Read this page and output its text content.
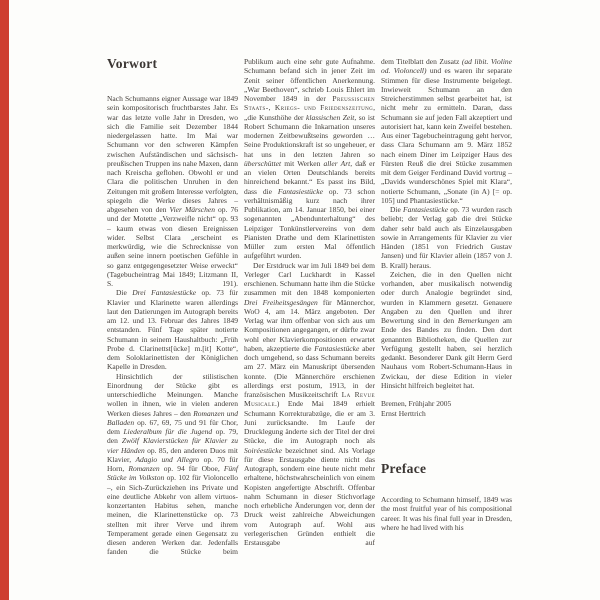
Vorwort

Nach Schumanns eigner Aussage war 1849 sein kompositorisch fruchtbarstes Jahr. Es war das letzte volle Jahr in Dresden, wo sich die Familie seit Dezember 1844 niedergelassen hatte. Im Mai war Schumann vor den schweren Kämpfen zwischen Aufständischen und sächsisch-preußischen Truppen ins nahe Maxen, dann nach Kreischa geflohen. Obwohl er und Clara die politischen Unruhen in den Zeitungen mit großem Interesse verfolgten, spiegeln die Werke dieses Jahres – abgesehen von den Vier Märschen op. 76 und der Motette „Verzweifle nicht“ op. 93 – kaum etwas von diesen Ereignissen wider. Selbst Clara „erscheint es merkwürdig, wie die Schrecknisse von außen seine innern poetischen Gefühle in so ganz entgegengesetzter Weise erweckt“ (Tagebucheintrag Mai 1849; Litzmann II, S. 191).

Die Drei Fantasiestücke op. 73 für Klavier und Klarinette waren allerdings laut den Datierungen im Autograph bereits am 12. und 13. Februar des Jahres 1849 entstanden. Fünf Tage später notierte Schumann in seinem Haushaltbuch: „Früh Probe d. Clarinettst[ücke] m.[it] Kotte“, dem Soloklarinettisten der Königlichen Kapelle in Dresden.

Hinsichtlich der stilistischen Einordnung der Stücke gibt es unterschiedliche Meinungen. Manche wollen in ihnen, wie in vielen anderen Werken dieses Jahres – den Romanzen und Balladen op. 67, 69, 75 und 91 für Chor, dem Liederalbum für die Jugend op. 79, den Zwölf Klavierstücken für Klavier zu vier Händen op. 85, den anderen Duos mit Klavier, Adagio und Allegro op. 70 für Horn, Romanzen op. 94 für Oboe, Fünf Stücke im Volkston op. 102 für Violoncello –, ein Sich-Zurückziehen ins Private und eine deutliche Abkehr von allem virtuos-konzertanten Habitus sehen, manche meinen, die Klarinettenstücke op. 73 stellten mit ihrer Verve und ihrem Temperament gerade einen Gegensatz zu diesen anderen Werken dar. Jedenfalls fanden die Stücke beim

Publikum auch eine sehr gute Aufnahme. Schumann befand sich in jener Zeit im Zenit seiner öffentlichen Anerkennung. „War Beethoven“, schrieb Louis Ehlert im November 1849 in der Preussischen Staats-, Kriegs- und Friedenszeitung, „die Kunsthöhe der klassischen Zeit, so ist Robert Schumann die Inkarnation unseres modernen Zeitbewußtseins geworden … Seine Produktionskraft ist so ungeheuer, er hat uns in den letzten Jahren so überschüttet mit Werken aller Art, daß er an vielen Orten Deutschlands bereits hinreichend bekannt.“ Es passt ins Bild, dass die Fantasiestücke op. 73 schon verhältnismäßig kurz nach ihrer Publikation, am 14. Januar 1850, bei einer sogenannten „Abendunterhaltung“ des Leipziger Tonkünstlervereins von dem Pianisten Drathe und dem Klarinettisten Müller zum ersten Mal öffentlich aufgeführt wurden.

Der Erstdruck war im Juli 1849 bei dem Verleger Carl Luckhardt in Kassel erschienen. Schumann hatte ihm die Stücke zusammen mit den 1848 komponierten Drei Freiheitsgesängen für Männerchor, WoO 4, am 14. März angeboten. Der Verlag war ihm offenbar von sich aus um Kompositionen angegangen, er dürfte zwar wohl eher Klavierkompositionen erwartet haben, akzeptierte die Fantasiestücke aber doch umgehend, so dass Schumann bereits am 27. März ein Manuskript übersenden konnte. (Die Männerchöre erschienen allerdings erst postum, 1913, in der französischen Musikzeitschrift La Revue Musicale.) Ende Mai 1849 erhielt Schumann Korrekturabzüge, die er am 3. Juni zurücksandte. Im Laufe der Drucklegung änderte sich der Titel der drei Stücke, die im Autograph noch als Soiréestücke bezeichnet sind. Als Vorlage für diese Erstausgabe diente nicht das Autograph, sondern eine heute nicht mehr erhaltene, höchstwahrscheinlich von einem Kopisten angefertigte Abschrift. Offenbar nahm Schumann in dieser Stichvorlage noch erhebliche Änderungen vor, denn der Druck weist zahlreiche Abweichungen vom Autograph auf. Wohl aus verlegerischen Gründen enthielt die Erstausgabe auf

dem Titelblatt den Zusatz (ad libit. Violine od. Violoncell) und es waren ihr separate Stimmen für diese Instrumente beigelegt. Inwieweit Schumann an den Streicherstimmen selbst gearbeitet hat, ist nicht mehr zu ermitteln. Daran, dass Schumann sie auf jeden Fall akzeptiert und autorisiert hat, kann kein Zweifel bestehen. Aus einer Tagebucheintragung geht hervor, dass Clara Schumann am 9. März 1852 nach einem Diner im Leipziger Haus des Fürsten Reuß die drei Stücke zusammen mit dem Geiger Ferdinand David vortrug – „Davids wunderschönes Spiel mit Klara“, notierte Schumann, „Sonate (in A) [= op. 105] und Phantasiestücke.“

Die Fantasiestücke op. 73 wurden rasch beliebt; der Verlag gab die drei Stücke daher sehr bald auch als Einzelausgaben sowie in Arrangements für Klavier zu vier Händen (1851 von Friedrich Gustav Jansen) und für Klavier allein (1857 von J. B. Krall) heraus.

Zeichen, die in den Quellen nicht vorhanden, aber musikalisch notwendig oder durch Analogie begründet sind, wurden in Klammern gesetzt. Genauere Angaben zu den Quellen und ihrer Bewertung sind in den Bemerkungen am Ende des Bandes zu finden. Den dort genannten Bibliotheken, die Quellen zur Verfügung gestellt haben, sei herzlich gedankt. Besonderer Dank gilt Herrn Gerd Nauhaus vom Robert-Schumann-Haus in Zwickau, der diese Edition in vieler Hinsicht hilfreich begleitet hat.

Bremen, Frühjahr 2005
Ernst Herttrich
Preface

According to Schumann himself, 1849 was the most fruitful year of his compositional career. It was his final full year in Dresden, where he had lived with his
